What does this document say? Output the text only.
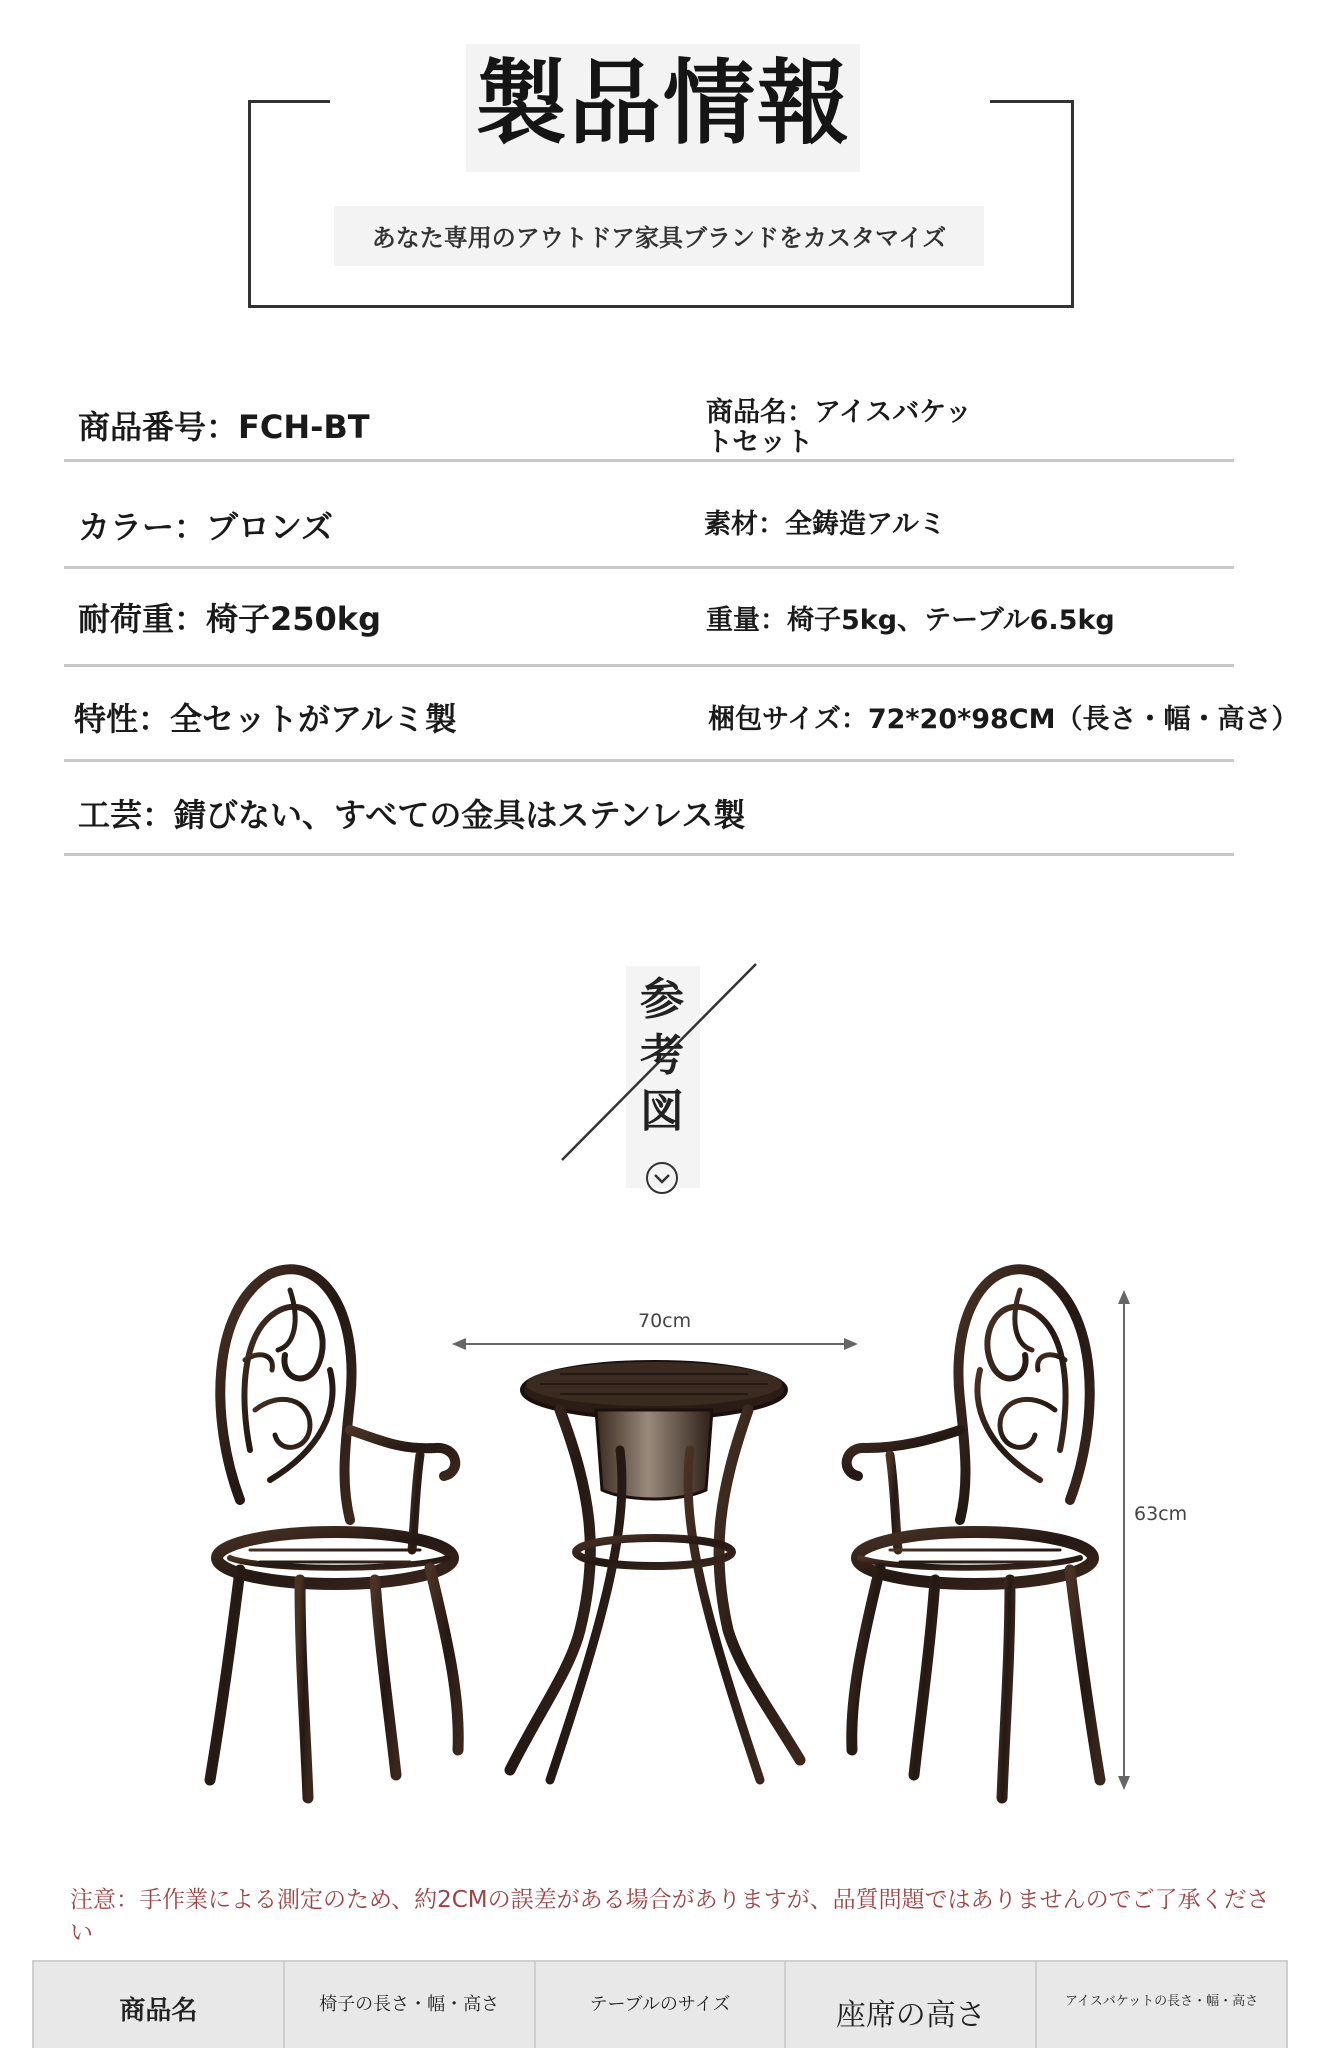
製品情報
あなた専用のアウトドア家具ブランドをカスタマイズ
商品番号：FCH-BT	商品名：アイスバケッ
トセット
カラー：ブロンズ	素材：全鋳造アルミ
耐荷重：椅子250kg	重量：椅子5kg、テーブル6.5kg
特性：全セットがアルミ製	梱包サイズ：72*20*98CM（長さ・幅・高さ）
工芸：錆びない、すべての金具はステンレス製
参
考
図
70cm
63cm
注意：手作業による測定のため、約2CMの誤差がある場合がありますが、品質問題ではありませんのでご了承ください
商品名	椅子の長さ・幅・高さ	テーブルのサイズ	座席の高さ	アイスバケットの長さ・幅・高さ
